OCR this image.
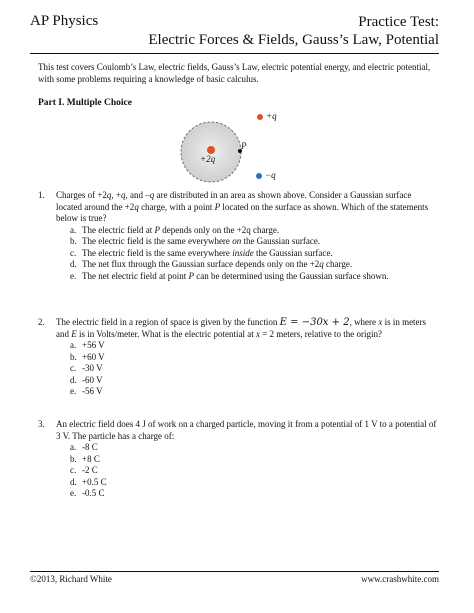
AP Physics	Practice Test:
Electric Forces & Fields, Gauss’s Law, Potential
This test covers Coulomb’s Law, electric fields, Gauss’s Law, electric potential energy, and electric potential, with some problems requiring a knowledge of basic calculus.
Part I. Multiple Choice
+q
+2q
P
−q
1. Charges of +2q, +q, and –q are distributed in an area as shown above. Consider a Gaussian surface located around the +2q charge, with a point P located on the surface as shown. Which of the statements below is true?
a. The electric field at P depends only on the +2q charge.
b. The electric field is the same everywhere on the Gaussian surface.
c. The electric field is the same everywhere inside the Gaussian surface.
d. The net flux through the Gaussian surface depends only on the +2q charge.
e. The net electric field at point P can be determined using the Gaussian surface shown.
2. The electric field in a region of space is given by the function E = −30x + 2, where x is in meters and E is in Volts/meter. What is the electric potential at x = 2 meters, relative to the origin?
a. +56 V
b. +60 V
c. -30 V
d. -60 V
e. -56 V
3. An electric field does 4 J of work on a charged particle, moving it from a potential of 1 V to a potential of 3 V. The particle has a charge of:
a. -8 C
b. +8 C
c. -2 C
d. +0.5 C
e. -0.5 C
©2013, Richard White	www.crashwhite.com
